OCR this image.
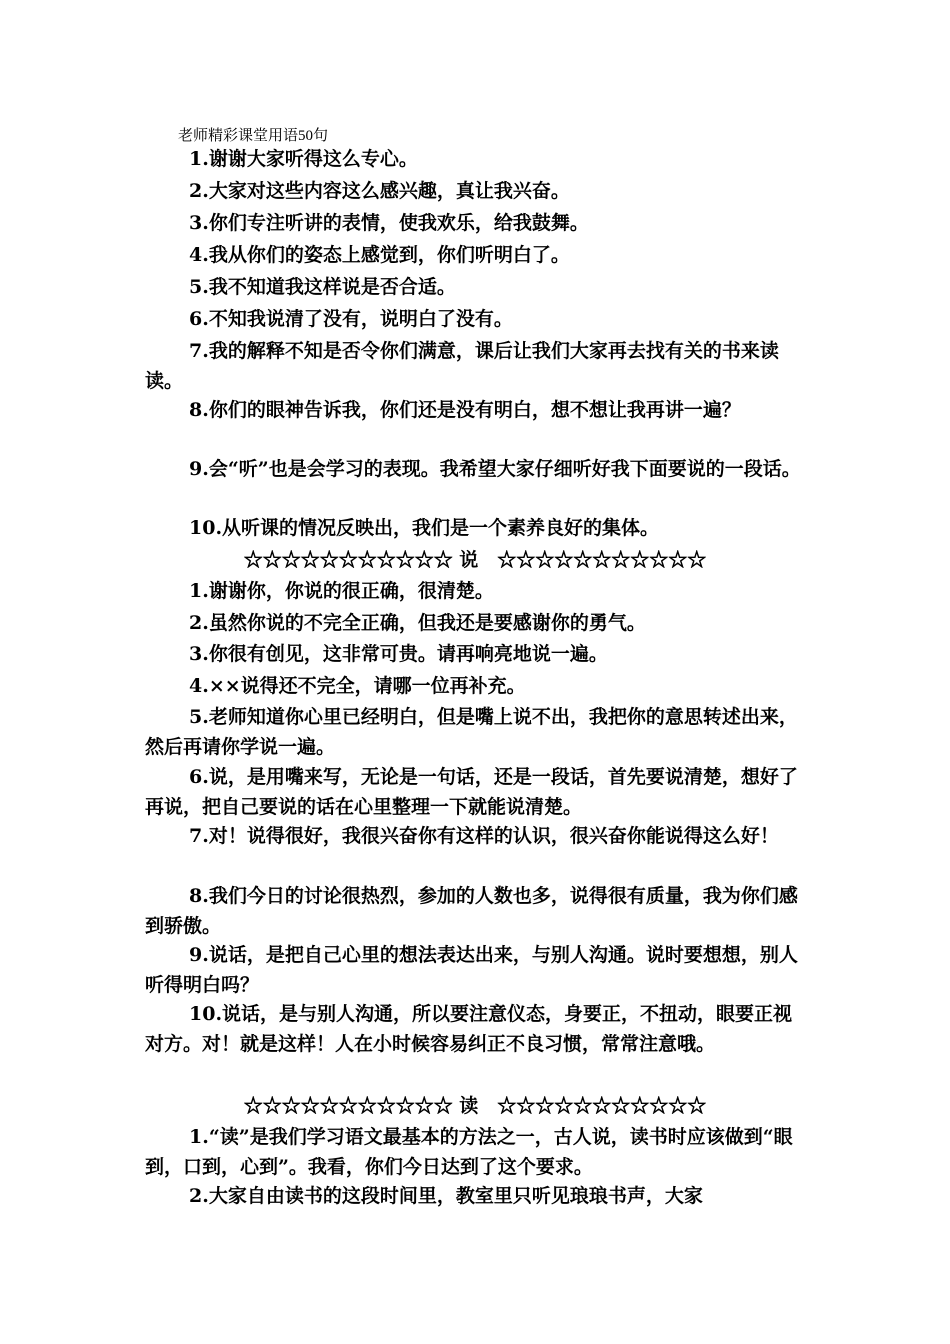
老师精彩课堂用语50句

1.谢谢大家听得这么专心。

2.大家对这些内容这么感兴趣，真让我兴奋。

3.你们专注听讲的表情，使我欢乐，给我鼓舞。

4.我从你们的姿态上感觉到，你们听明白了。

5.我不知道我这样说是否合适。

6.不知我说清了没有，说明白了没有。

7.我的解释不知是否令你们满意，课后让我们大家再去找有关的书来读读。

8.你们的眼神告诉我，你们还是没有明白，想不想让我再讲一遍？

9.会“听”也是会学习的表现。我希望大家仔细听好我下面要说的一段话。

10.从听课的情况反映出，我们是一个素养良好的集体。

☆☆☆☆☆☆☆☆☆☆☆ 说　☆☆☆☆☆☆☆☆☆☆☆

1.谢谢你，你说的很正确，很清楚。

2.虽然你说的不完全正确，但我还是要感谢你的勇气。

3.你很有创见，这非常可贵。请再响亮地说一遍。

4.××说得还不完全，请哪一位再补充。

5.老师知道你心里已经明白，但是嘴上说不出，我把你的意思转述出来，然后再请你学说一遍。

6.说，是用嘴来写，无论是一句话，还是一段话，首先要说清楚，想好了再说，把自己要说的话在心里整理一下就能说清楚。

7.对！说得很好，我很兴奋你有这样的认识，很兴奋你能说得这么好！

8.我们今日的讨论很热烈，参加的人数也多，说得很有质量，我为你们感到骄傲。

9.说话，是把自己心里的想法表达出来，与别人沟通。说时要想想，别人听得明白吗？

10.说话，是与别人沟通，所以要注意仪态，身要正，不扭动，眼要正视对方。对！就是这样！人在小时候容易纠正不良习惯，常常注意哦。

☆☆☆☆☆☆☆☆☆☆☆ 读　☆☆☆☆☆☆☆☆☆☆☆

1.“读”是我们学习语文最基本的方法之一，古人说，读书时应该做到“眼到，口到，心到”。我看，你们今日达到了这个要求。

2.大家自由读书的这段时间里，教室里只听见琅琅书声，大家
